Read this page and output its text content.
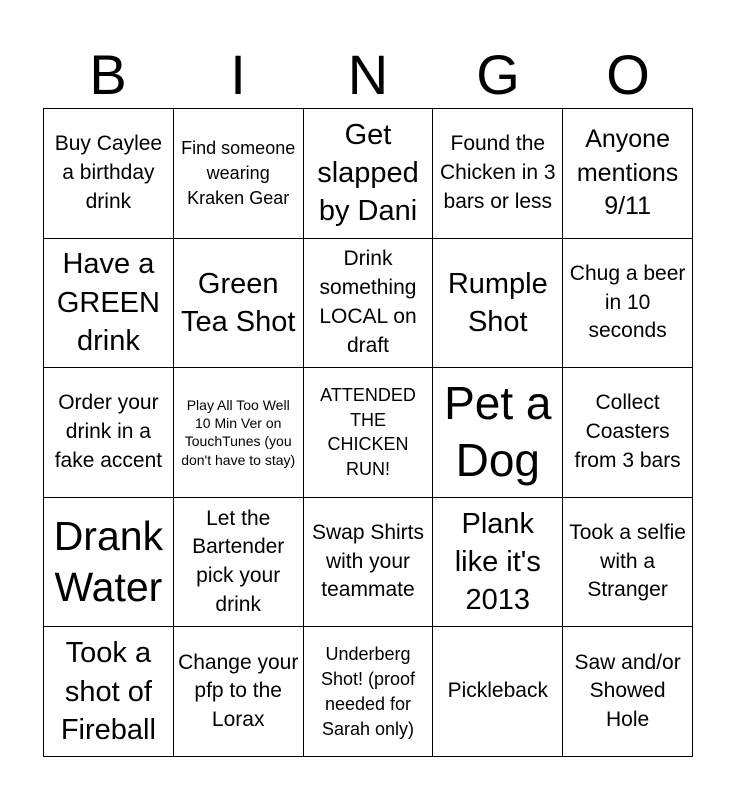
B	I	N	G	O
Buy Caylee a birthday drink
Find someone wearing Kraken Gear
Get slapped by Dani
Found the Chicken in 3 bars or less
Anyone mentions 9/11
Have a GREEN drink
Green Tea Shot
Drink something LOCAL on draft
Rumple Shot
Chug a beer in 10 seconds
Order your drink in a fake accent
Play All Too Well 10 Min Ver on TouchTunes (you don't have to stay)
ATTENDED THE CHICKEN RUN!
Pet a Dog
Collect Coasters from 3 bars
Drank Water
Let the Bartender pick your drink
Swap Shirts with your teammate
Plank like it's 2013
Took a selfie with a Stranger
Took a shot of Fireball
Change your pfp to the Lorax
Underberg Shot! (proof needed for Sarah only)
Pickleback
Saw and/or Showed Hole
